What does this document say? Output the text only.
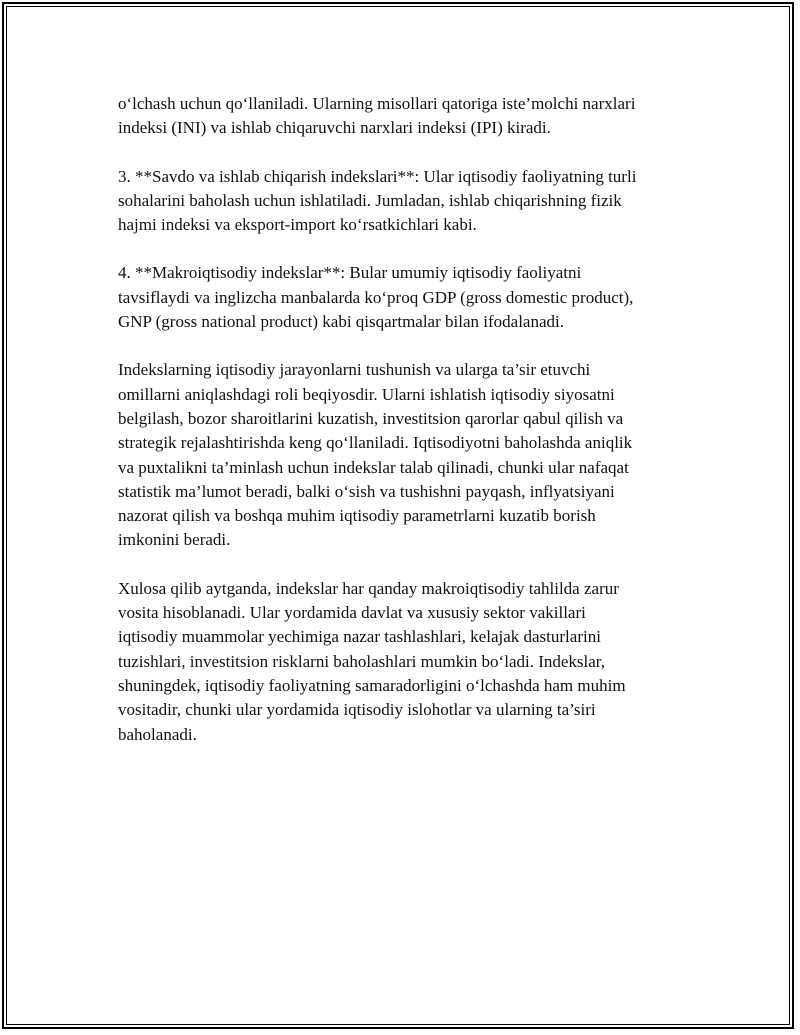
o‘lchash uchun qo‘llaniladi. Ularning misollari qatoriga iste’molchi narxlari
indeksi (INI) va ishlab chiqaruvchi narxlari indeksi (IPI) kiradi.

3. **Savdo va ishlab chiqarish indekslari**: Ular iqtisodiy faoliyatning turli
sohalarini baholash uchun ishlatiladi. Jumladan, ishlab chiqarishning fizik
hajmi indeksi va eksport-import ko‘rsatkichlari kabi.

4. **Makroiqtisodiy indekslar**: Bular umumiy iqtisodiy faoliyatni
tavsiflaydi va inglizcha manbalarda ko‘proq GDP (gross domestic product),
GNP (gross national product) kabi qisqartmalar bilan ifodalanadi.

Indekslarning iqtisodiy jarayonlarni tushunish va ularga ta’sir etuvchi
omillarni aniqlashdagi roli beqiyosdir. Ularni ishlatish iqtisodiy siyosatni
belgilash, bozor sharoitlarini kuzatish, investitsion qarorlar qabul qilish va
strategik rejalashtirishda keng qo‘llaniladi. Iqtisodiyotni baholashda aniqlik
va puxtalikni ta’minlash uchun indekslar talab qilinadi, chunki ular nafaqat
statistik ma’lumot beradi, balki o‘sish va tushishni payqash, inflyatsiyani
nazorat qilish va boshqa muhim iqtisodiy parametrlarni kuzatib borish
imkonini beradi.

Xulosa qilib aytganda, indekslar har qanday makroiqtisodiy tahlilda zarur
vosita hisoblanadi. Ular yordamida davlat va xususiy sektor vakillari
iqtisodiy muammolar yechimiga nazar tashlashlari, kelajak dasturlarini
tuzishlari, investitsion risklarni baholashlari mumkin bo‘ladi. Indekslar,
shuningdek, iqtisodiy faoliyatning samaradorligini o‘lchashda ham muhim
vositadir, chunki ular yordamida iqtisodiy islohotlar va ularning ta’siri
baholanadi.
